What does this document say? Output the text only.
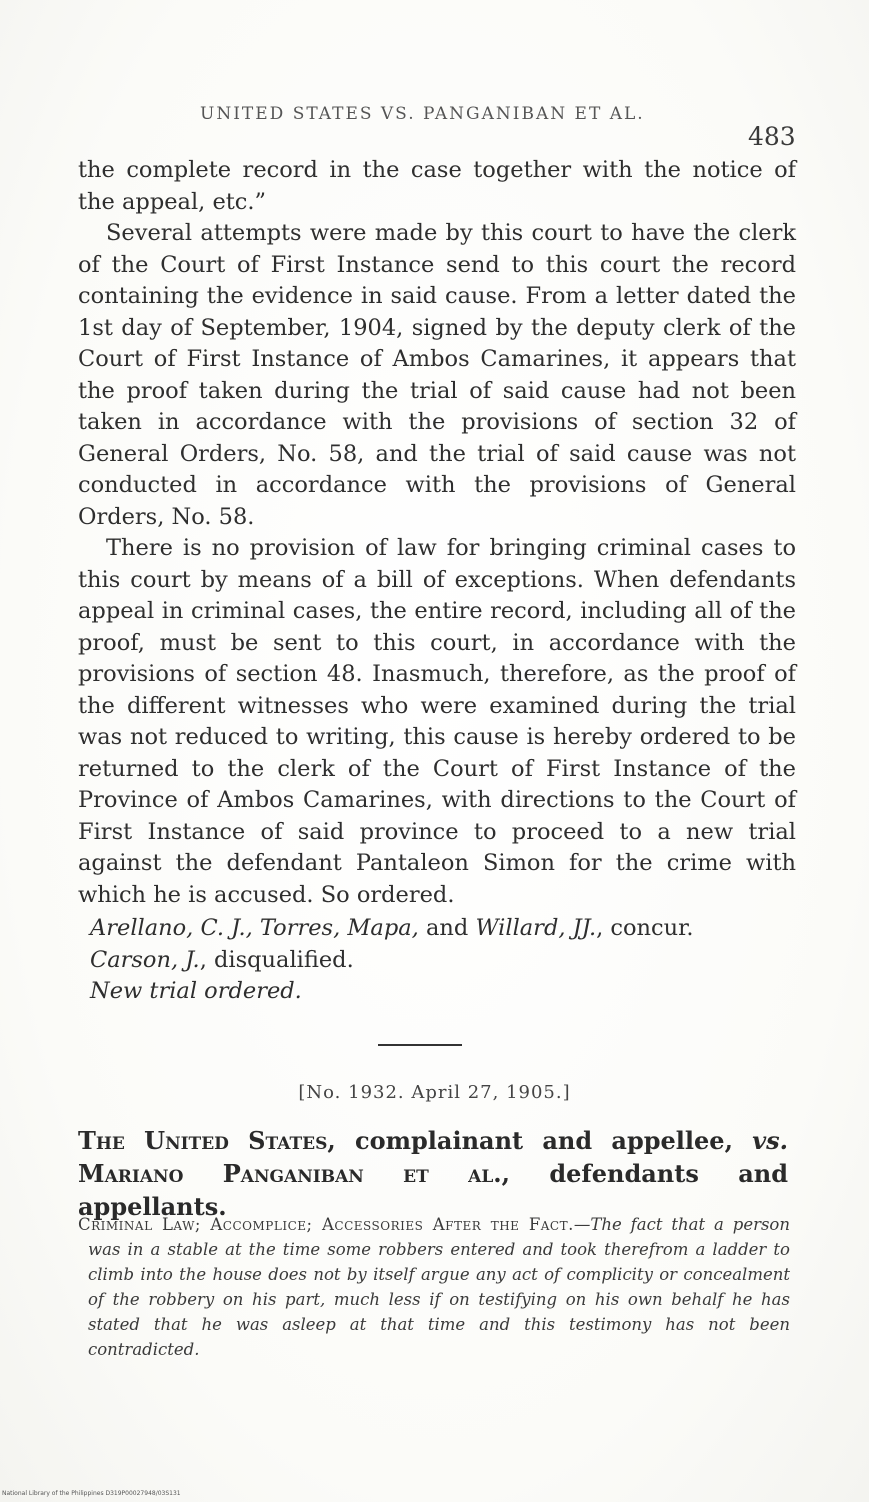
UNITED STATES VS. PANGANIBAN ET AL.
483

the complete record in the case together with the notice of the appeal, etc.”

Several attempts were made by this court to have the clerk of the Court of First Instance send to this court the record containing the evidence in said cause. From a letter dated the 1st day of September, 1904, signed by the deputy clerk of the Court of First Instance of Ambos Camarines, it appears that the proof taken during the trial of said cause had not been taken in accordance with the provisions of section 32 of General Orders, No. 58, and the trial of said cause was not conducted in accordance with the provisions of General Orders, No. 58.

There is no provision of law for bringing criminal cases to this court by means of a bill of exceptions. When defendants appeal in criminal cases, the entire record, including all of the proof, must be sent to this court, in accordance with the provisions of section 48. Inasmuch, therefore, as the proof of the different witnesses who were examined during the trial was not reduced to writing, this cause is hereby ordered to be returned to the clerk of the Court of First Instance of the Province of Ambos Camarines, with directions to the Court of First Instance of said province to proceed to a new trial against the defendant Pantaleon Simon for the crime with which he is accused. So ordered.

Arellano, C. J., Torres, Mapa, and Willard, JJ., concur.

Carson, J., disqualified.

New trial ordered.

[No. 1932. April 27, 1905.]
The United States, complainant and appellee, vs. Mariano Panganiban et al., defendants and appellants.
Criminal Law; Accomplice; Accessories After the Fact.—The fact that a person was in a stable at the time some robbers entered and took therefrom a ladder to climb into the house does not by itself argue any act of complicity or concealment of the robbery on his part, much less if on testifying on his own behalf he has stated that he was asleep at that time and this testimony has not been contradicted.
National Library of the Philippines D319P00027948/03S131
